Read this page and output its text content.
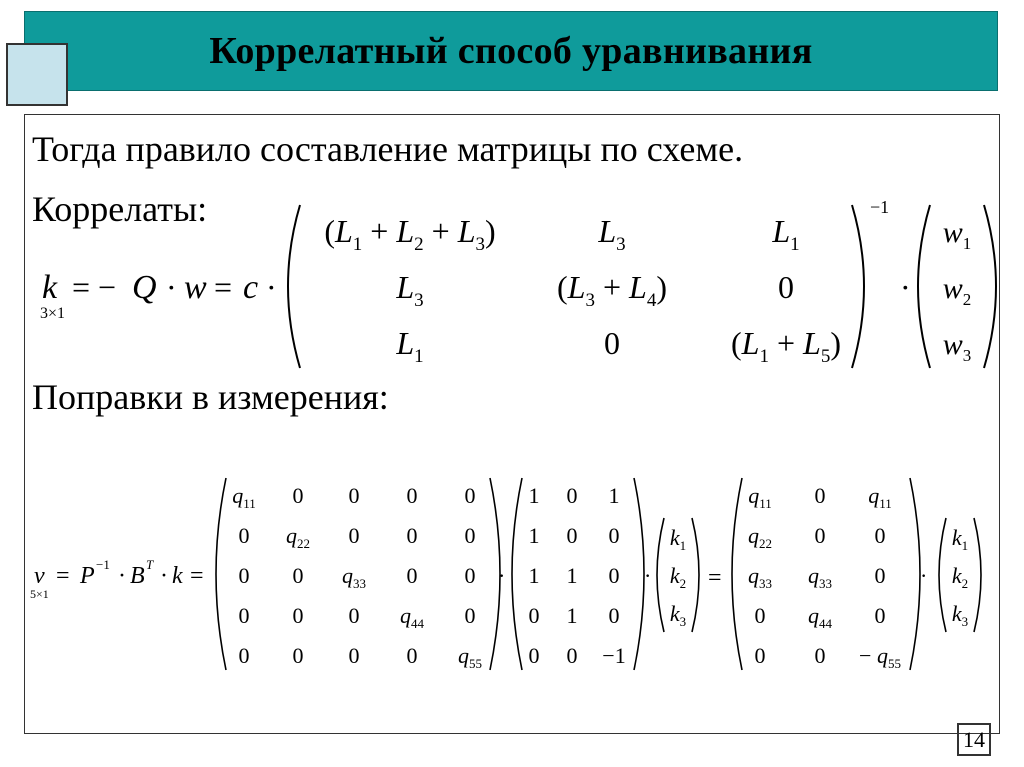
Коррелатный способ уравнивания
Тогда правило составление матрицы по схеме.
Коррелаты:
Поправки в измерения:
k
3×1
= − Q · w = c ·
−1
·
$(L_1 + L_2 + L_3)$	$L_3$	$L_1$
$L_3$	$(L_3 + L_4)$	0
$L_1$	0	$(L_1 + L_5)$
$w_1$
$w_2$
$w_3$
v
5×1
= P −1 · B T · k =	·	· =	·
$q_{11}$ 0 0 0 0
0 $q_{22}$ 0 0 0
0 0 $q_{33}$ 0 0
0 0 0 $q_{44}$ 0
0 0 0 0 $q_{55}$
1 0 1
1 0 0
1 1 0
0 1 0
0 0 −1
$k_1$
$k_2$
$k_3$
$q_{11}$ 0 $q_{11}$
$q_{22}$ 0 0
$q_{33}$ $q_{33}$ 0
0 $q_{44}$ 0
0 $0 - q_{55}$
$k_1$
$k_2$
$k_3$
14
